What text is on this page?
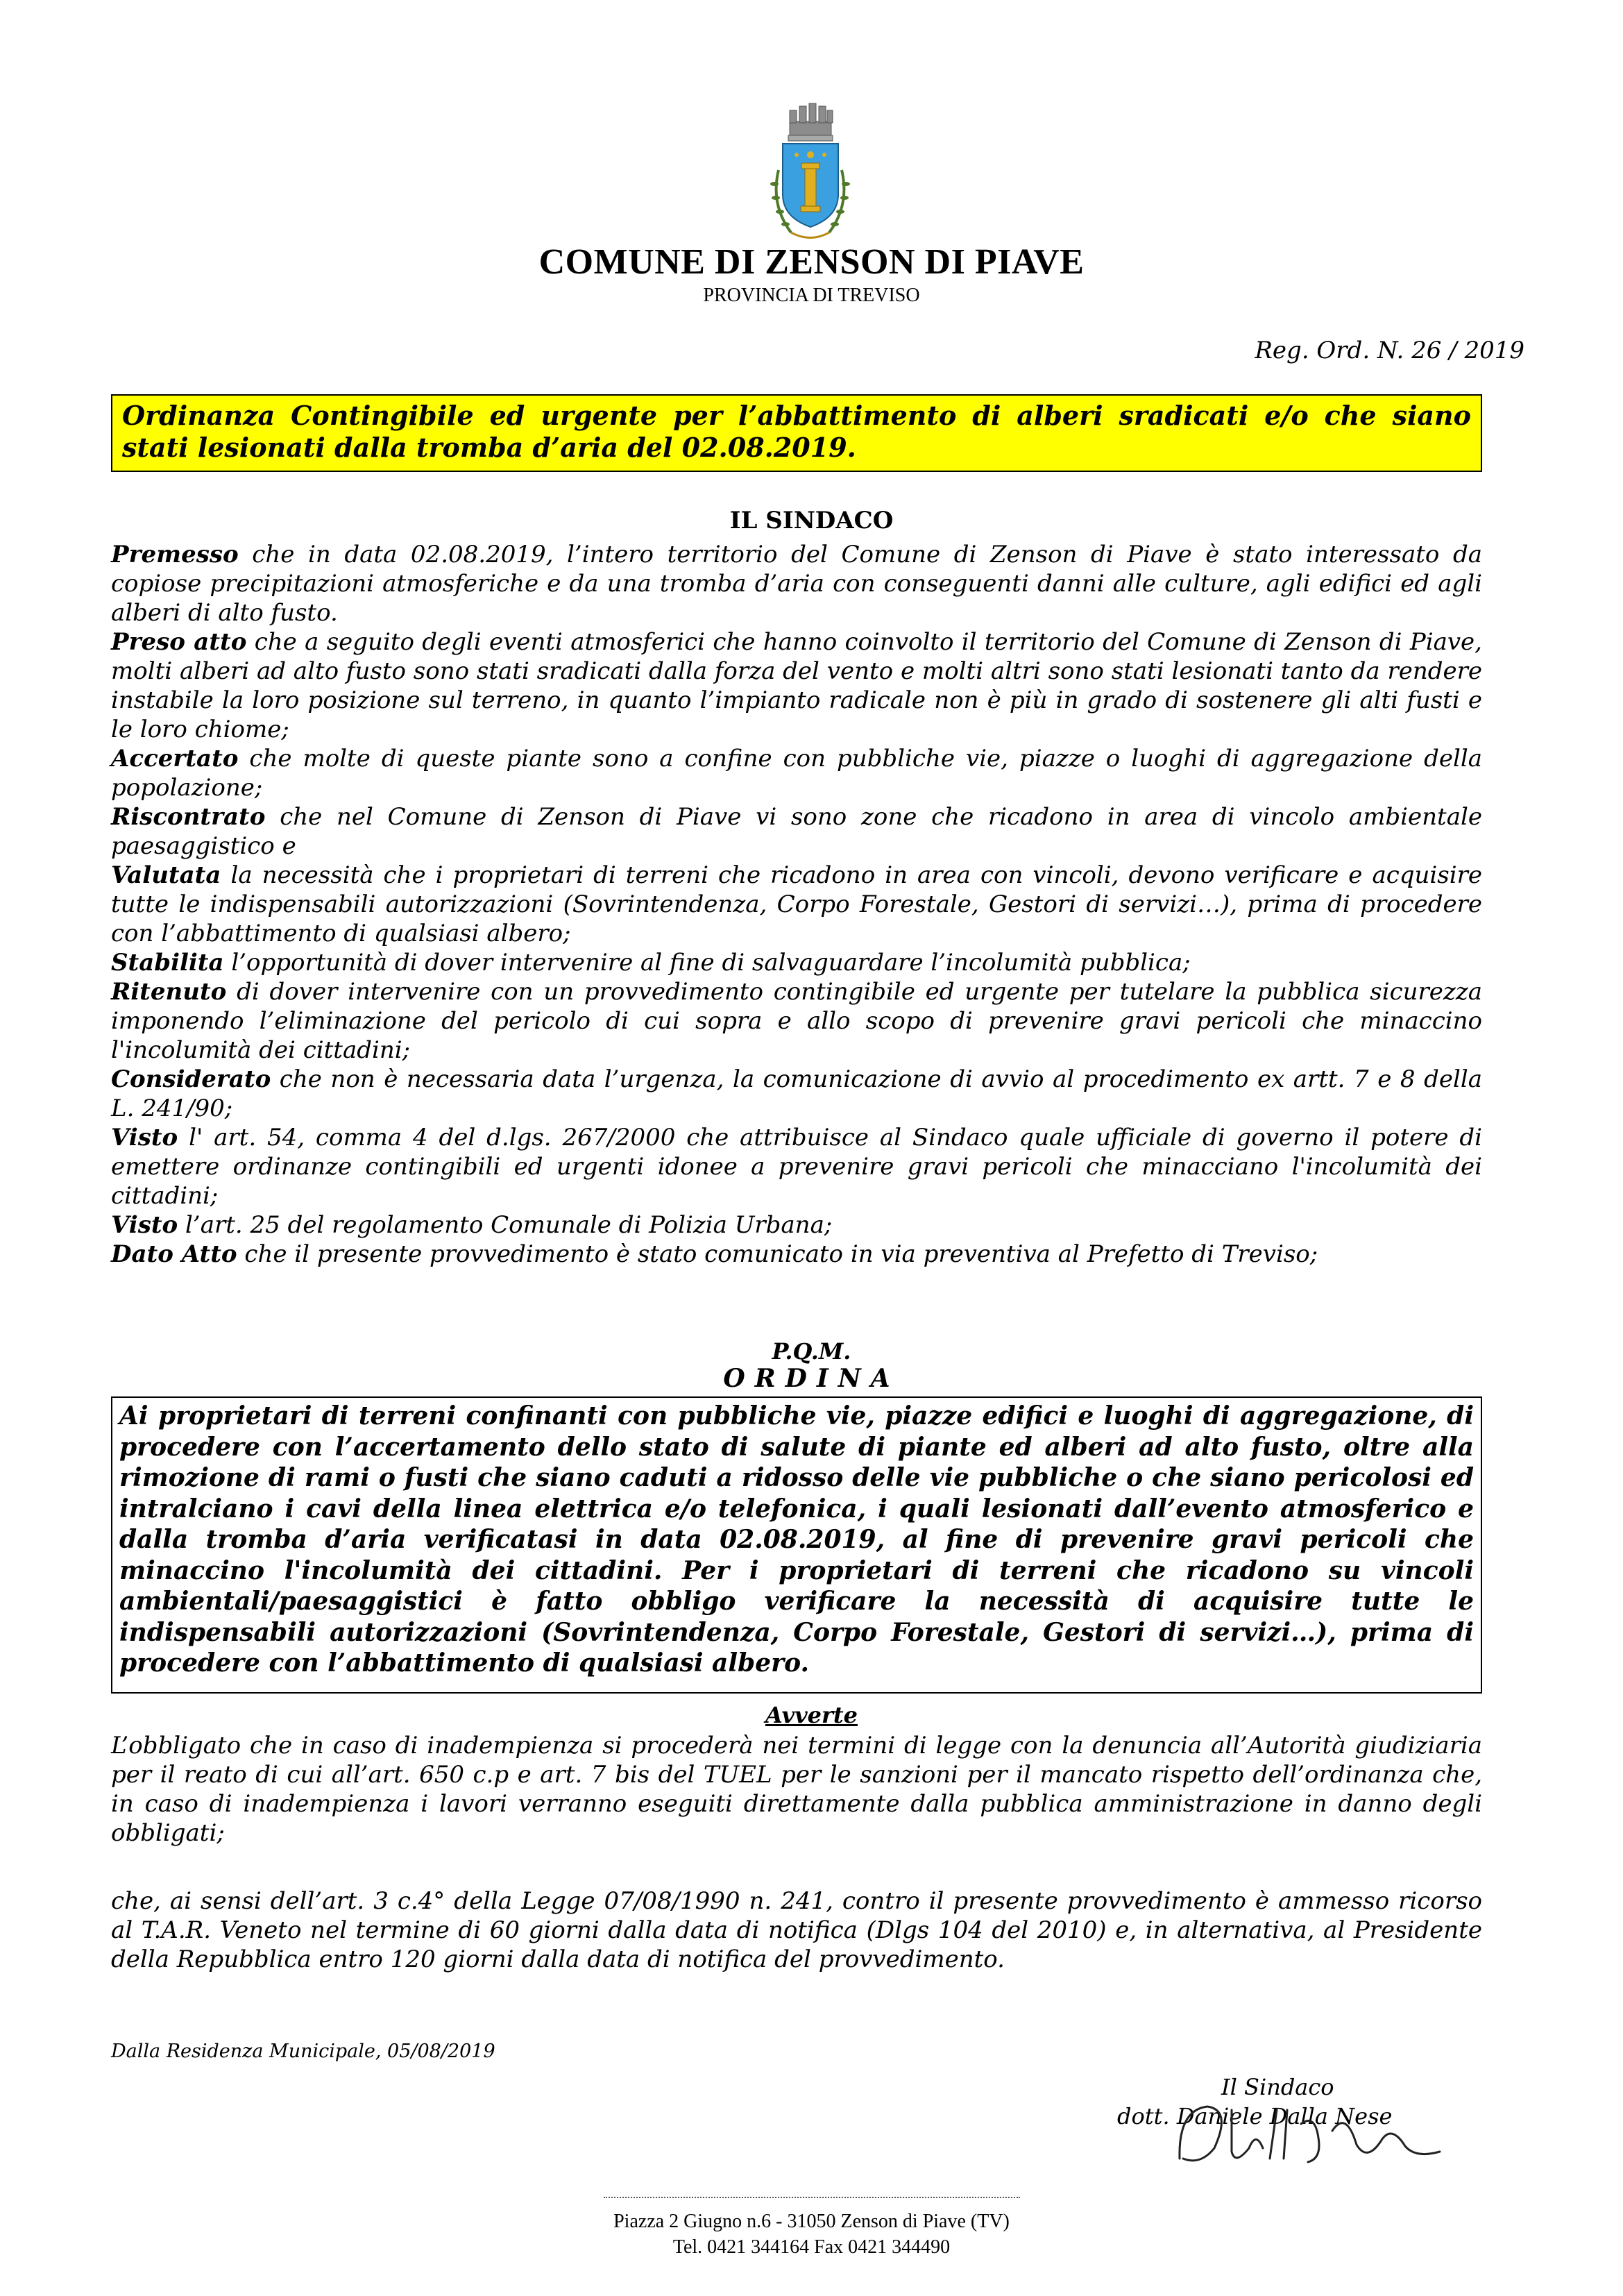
COMUNE DI ZENSON DI PIAVE
PROVINCIA DI TREVISO
Reg. Ord. N. 26 / 2019
Ordinanza Contingibile ed urgente per l’abbattimento di alberi sradicati e/o che siano stati lesionati dalla tromba d’aria del 02.08.2019.
IL SINDACO
Premesso che in data 02.08.2019, l’intero territorio del Comune di Zenson di Piave è stato interessato da copiose precipitazioni atmosferiche e da una tromba d’aria con conseguenti danni alle culture, agli edifici ed agli alberi di alto fusto.
Preso atto che a seguito degli eventi atmosferici che hanno coinvolto il territorio del Comune di Zenson di Piave, molti alberi ad alto fusto sono stati sradicati dalla forza del vento e molti altri sono stati lesionati tanto da rendere instabile la loro posizione sul terreno, in quanto l’impianto radicale non è più in grado di sostenere gli alti fusti e le loro chiome;
Accertato che molte di queste piante sono a confine con pubbliche vie, piazze o luoghi di aggregazione della popolazione;
Riscontrato che nel Comune di Zenson di Piave vi sono zone che ricadono in area di vincolo ambientale paesaggistico e
Valutata la necessità che i proprietari di terreni che ricadono in area con vincoli, devono verificare e acquisire tutte le indispensabili autorizzazioni (Sovrintendenza, Corpo Forestale, Gestori di servizi…), prima di procedere con l’abbattimento di qualsiasi albero;
Stabilita l’opportunità di dover intervenire al fine di salvaguardare l’incolumità pubblica;
Ritenuto di dover intervenire con un provvedimento contingibile ed urgente per tutelare la pubblica sicurezza imponendo l’eliminazione del pericolo di cui sopra e allo scopo di prevenire gravi pericoli che minaccino l'incolumità dei cittadini;
Considerato che non è necessaria data l’urgenza, la comunicazione di avvio al procedimento ex artt. 7 e 8 della L. 241/90;
Visto l' art. 54, comma 4 del d.lgs. 267/2000 che attribuisce al Sindaco quale ufficiale di governo il potere di emettere ordinanze contingibili ed urgenti idonee a prevenire gravi pericoli che minacciano l'incolumità dei cittadini;
Visto l’art. 25 del regolamento Comunale di Polizia Urbana;
Dato Atto che il presente provvedimento è stato comunicato in via preventiva al Prefetto di Treviso;
P.Q.M.
ORDINA
Ai proprietari di terreni confinanti con pubbliche vie, piazze edifici e luoghi di aggregazione, di procedere con l’accertamento dello stato di salute di piante ed alberi ad alto fusto, oltre alla rimozione di rami o fusti che siano caduti a ridosso delle vie pubbliche o che siano pericolosi ed intralciano i cavi della linea elettrica e/o telefonica, i quali lesionati dall’evento atmosferico e dalla tromba d’aria verificatasi in data 02.08.2019, al fine di prevenire gravi pericoli che minaccino l'incolumità dei cittadini. Per i proprietari di terreni che ricadono su vincoli ambientali/paesaggistici è fatto obbligo verificare la necessità di acquisire tutte le indispensabili autorizzazioni (Sovrintendenza, Corpo Forestale, Gestori di servizi…), prima di procedere con l’abbattimento di qualsiasi albero.
Avverte
L’obbligato che in caso di inadempienza si procederà nei termini di legge con la denuncia all’Autorità giudiziaria per il reato di cui all’art. 650 c.p e art. 7 bis del TUEL per le sanzioni per il mancato rispetto dell’ordinanza che, in caso di inadempienza i lavori verranno eseguiti direttamente dalla pubblica amministrazione in danno degli obbligati;
che, ai sensi dell’art. 3 c.4° della Legge 07/08/1990 n. 241, contro il presente provvedimento è ammesso ricorso al T.A.R. Veneto nel termine di 60 giorni dalla data di notifica (Dlgs 104 del 2010) e, in alternativa, al Presidente della Repubblica entro 120 giorni dalla data di notifica del provvedimento.
Dalla Residenza Municipale, 05/08/2019
Il Sindaco
dott. Daniele Dalla Nese
Piazza 2 Giugno n.6 - 31050 Zenson di Piave (TV)
Tel. 0421 344164 Fax 0421 344490
